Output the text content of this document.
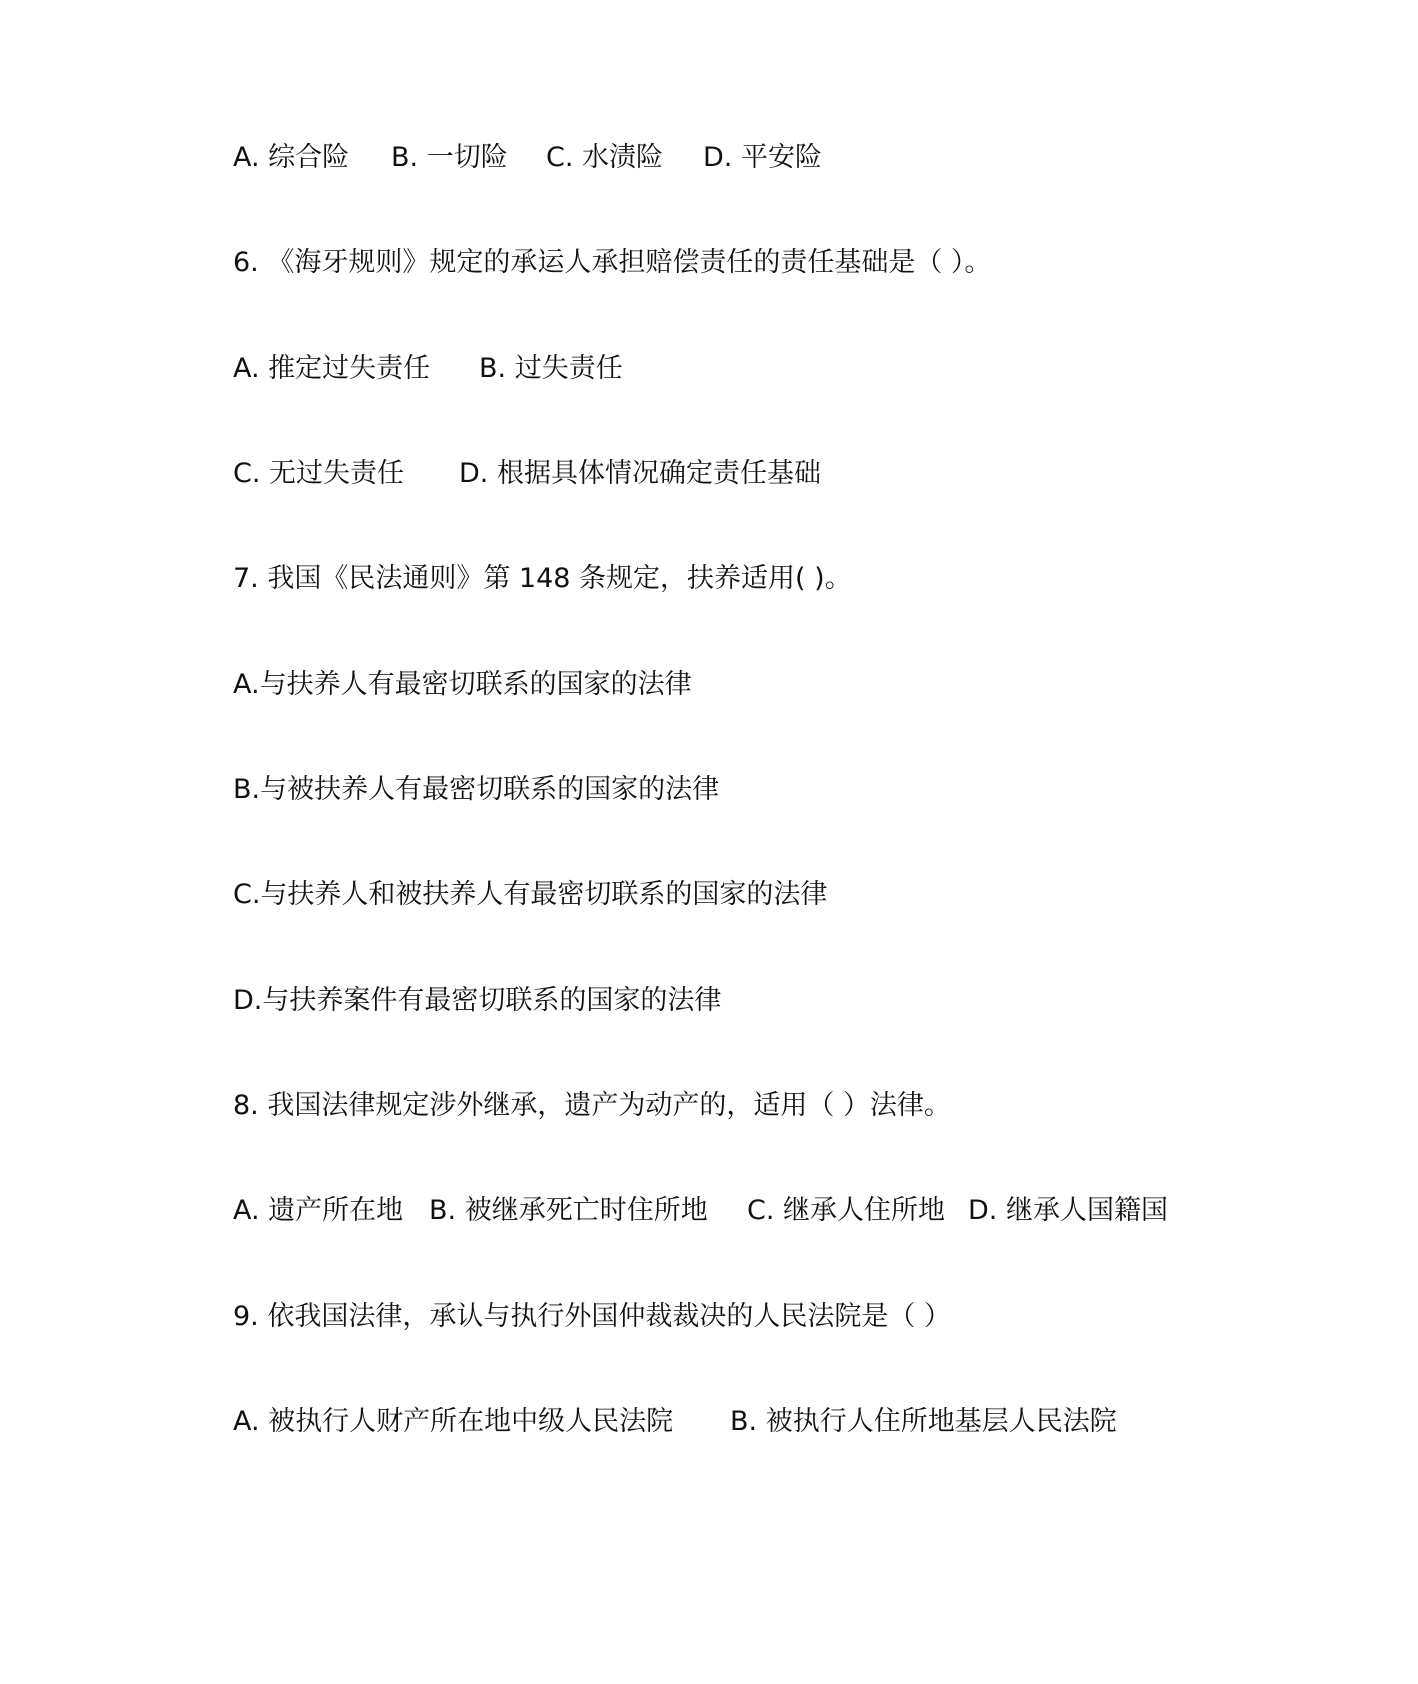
A. 综合险 B. 一切险 C. 水渍险 D. 平安险
6. 《海牙规则》规定的承运人承担赔偿责任的责任基础是（ ）。
A. 推定过失责任 B. 过失责任
C. 无过失责任 D. 根据具体情况确定责任基础
7. 我国《民法通则》第 148 条规定，扶养适用( )。
A.与扶养人有最密切联系的国家的法律
B.与被扶养人有最密切联系的国家的法律
C.与扶养人和被扶养人有最密切联系的国家的法律
D.与扶养案件有最密切联系的国家的法律
8. 我国法律规定涉外继承，遗产为动产的，适用（ ）法律。
A. 遗产所在地 B. 被继承死亡时住所地 C. 继承人住所地 D. 继承人国籍国
9. 依我国法律，承认与执行外国仲裁裁决的人民法院是（ ）
A. 被执行人财产所在地中级人民法院 B. 被执行人住所地基层人民法院
